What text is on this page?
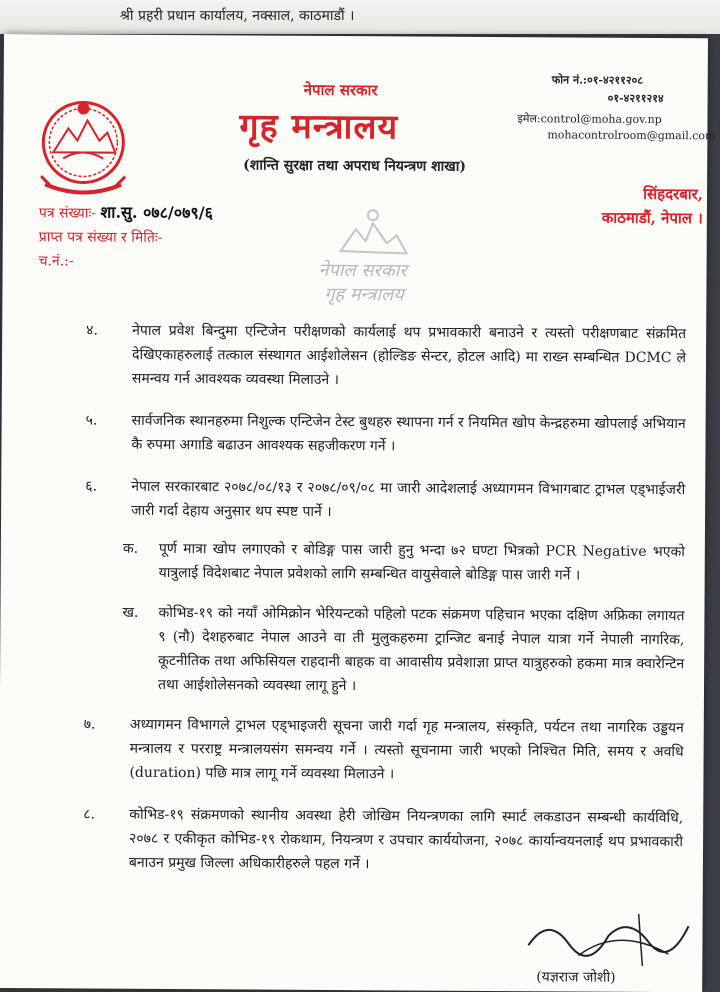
श्री प्रहरी प्रधान कार्यालय, नक्साल, काठमाडौं ।
नेपाल सरकार
गृह मन्त्रालय
नेपाल सरकार
गृह मन्त्रालय
(शान्ति सुरक्षा तथा अपराध नियन्त्रण शाखा)
फोन नं.:०१-४२११२०८
०१-४२११२१४
इमेल:control@moha.gov.np
mohacontrolroom@gmail.com
सिंहदरबार,
काठमाडौं, नेपाल ।
पत्र संख्याः- शा.सु. ०७८/०७९/६
प्राप्त पत्र संख्या र मितिः-
च.नं.:-
४. नेपाल प्रवेश बिन्दुमा एन्टिजेन परीक्षणको कार्यलाई थप प्रभावकारी बनाउने र त्यस्तो परीक्षणबाट संक्रमित देखिएकाहरुलाई तत्काल संस्थागत आईशोलेसन (होल्डिङ सेन्टर, होटल आदि) मा राख्न सम्बन्धित DCMC ले समन्वय गर्न आवश्यक व्यवस्था मिलाउने ।
५. सार्वजनिक स्थानहरुमा निशुल्क एन्टिजेन टेस्ट बुथहरु स्थापना गर्न र नियमित खोप केन्द्रहरुमा खोपलाई अभियान कै रुपमा अगाडि बढाउन आवश्यक सहजीकरण गर्ने ।
६. नेपाल सरकारबाट २०७८/०८/१३ र २०७८/०९/०८ मा जारी आदेशलाई अध्यागमन विभागबाट ट्राभल एड्भाईजरी जारी गर्दा देहाय अनुसार थप स्पष्ट पार्ने ।
क. पूर्ण मात्रा खोप लगाएको र बोडिङ्ग पास जारी हुनु भन्दा ७२ घण्टा भित्रको PCR Negative भएको यात्रुलाई विदेशबाट नेपाल प्रवेशको लागि सम्बन्धित वायुसेवाले बोडिङ्ग पास जारी गर्ने ।
ख. कोभिड-१९ को नयाँ ओमिक्रोन भेरियन्टको पहिलो पटक संक्रमण पहिचान भएका दक्षिण अफ्रिका लगायत ९ (नौ) देशहरुबाट नेपाल आउने वा ती मुलुकहरुमा ट्रान्जिट बनाई नेपाल यात्रा गर्ने नेपाली नागरिक, कूटनीतिक तथा अफिसियल राहदानी बाहक वा आवासीय प्रवेशाज्ञा प्राप्त यात्रुहरुको हकमा मात्र क्वारेन्टिन तथा आईशोलेसनको व्यवस्था लागू हुने ।
७. अध्यागमन विभागले ट्राभल एड्भाइजरी सूचना जारी गर्दा गृह मन्त्रालय, संस्कृति, पर्यटन तथा नागरिक उड्डयन मन्त्रालय र परराष्ट्र मन्त्रालयसंग समन्वय गर्ने । त्यस्तो सूचनामा जारी भएको निश्चित मिति, समय र अवधि (duration) पछि मात्र लागू गर्ने व्यवस्था मिलाउने ।
८. कोभिड-१९ संक्रमणको स्थानीय अवस्था हेरी जोखिम नियन्त्रणका लागि स्मार्ट लकडाउन सम्बन्धी कार्यविधि, २०७८ र एकीकृत कोभिड-१९ रोकथाम, नियन्त्रण र उपचार कार्ययोजना, २०७८ कार्यान्वयनलाई थप प्रभावकारी बनाउन प्रमुख जिल्ला अधिकारीहरुले पहल गर्ने ।
(यज्ञराज जोशी)
